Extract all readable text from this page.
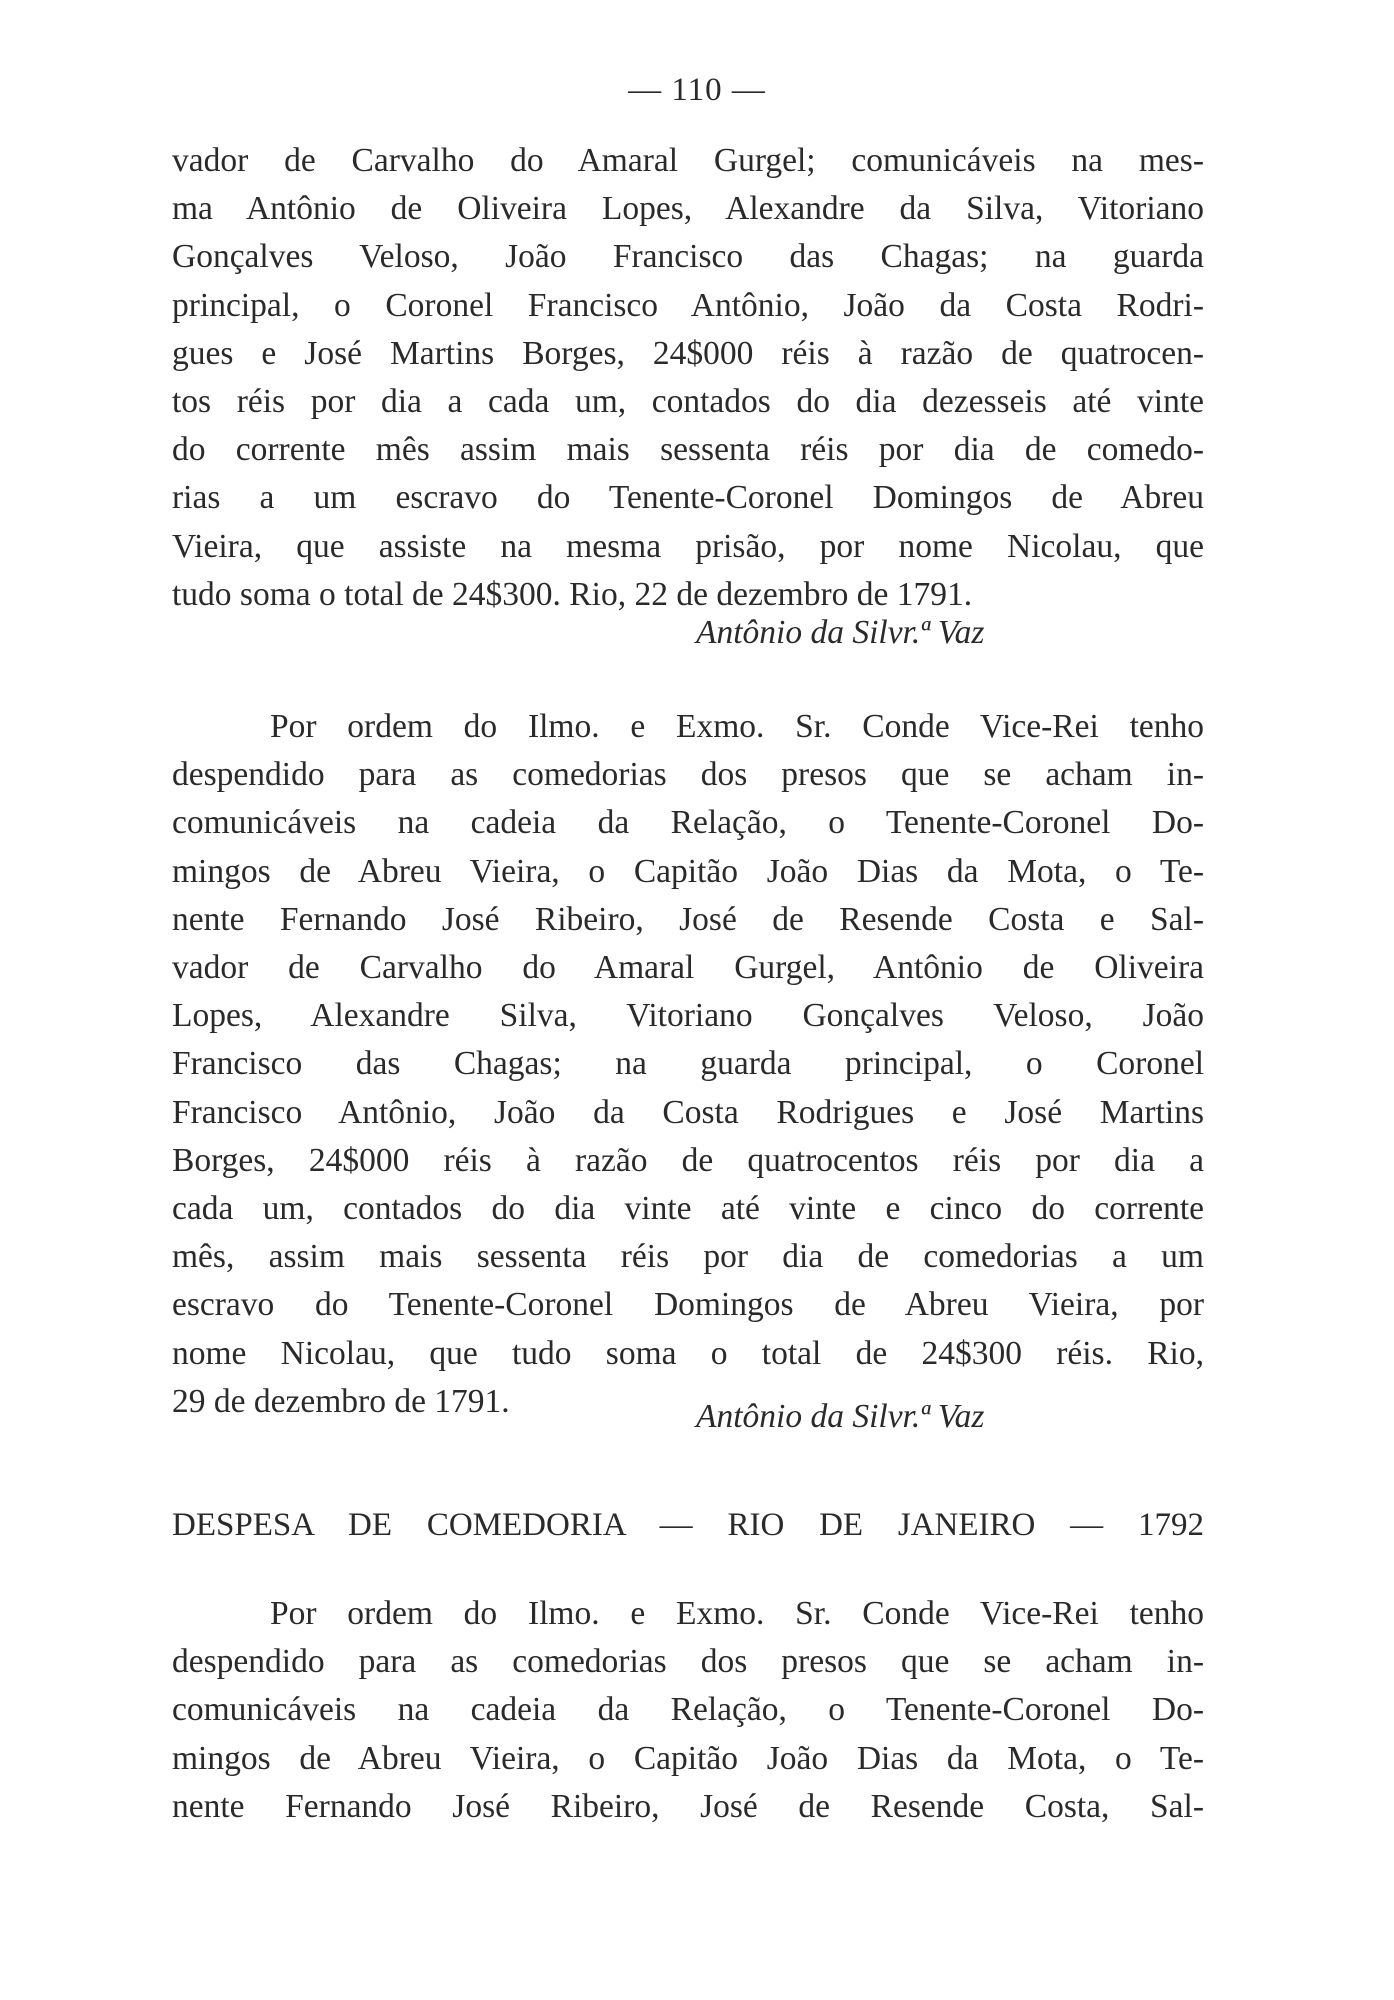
— 110 —
vador de Carvalho do Amaral Gurgel; comunicáveis na mes-
ma Antônio de Oliveira Lopes, Alexandre da Silva, Vitoriano
Gonçalves Veloso, João Francisco das Chagas; na guarda
principal, o Coronel Francisco Antônio, João da Costa Rodri-
gues e José Martins Borges, 24$000 réis à razão de quatrocen-
tos réis por dia a cada um, contados do dia dezesseis até vinte
do corrente mês assim mais sessenta réis por dia de comedo-
rias a um escravo do Tenente-Coronel Domingos de Abreu
Vieira, que assiste na mesma prisão, por nome Nicolau, que
tudo soma o total de 24$300. Rio, 22 de dezembro de 1791.
Antônio da Silvr.ª Vaz
Por ordem do Ilmo. e Exmo. Sr. Conde Vice-Rei tenho
despendido para as comedorias dos presos que se acham in-
comunicáveis na cadeia da Relação, o Tenente-Coronel Do-
mingos de Abreu Vieira, o Capitão João Dias da Mota, o Te-
nente Fernando José Ribeiro, José de Resende Costa e Sal-
vador de Carvalho do Amaral Gurgel, Antônio de Oliveira
Lopes, Alexandre Silva, Vitoriano Gonçalves Veloso, João
Francisco das Chagas; na guarda principal, o Coronel
Francisco Antônio, João da Costa Rodrigues e José Martins
Borges, 24$000 réis à razão de quatrocentos réis por dia a
cada um, contados do dia vinte até vinte e cinco do corrente
mês, assim mais sessenta réis por dia de comedorias a um
escravo do Tenente-Coronel Domingos de Abreu Vieira, por
nome Nicolau, que tudo soma o total de 24$300 réis. Rio,
29 de dezembro de 1791.	Antônio da Silvr.ª Vaz
DESPESA DE COMEDORIA — RIO DE JANEIRO — 1792
Por ordem do Ilmo. e Exmo. Sr. Conde Vice-Rei tenho
despendido para as comedorias dos presos que se acham in-
comunicáveis na cadeia da Relação, o Tenente-Coronel Do-
mingos de Abreu Vieira, o Capitão João Dias da Mota, o Te-
nente Fernando José Ribeiro, José de Resende Costa, Sal-
